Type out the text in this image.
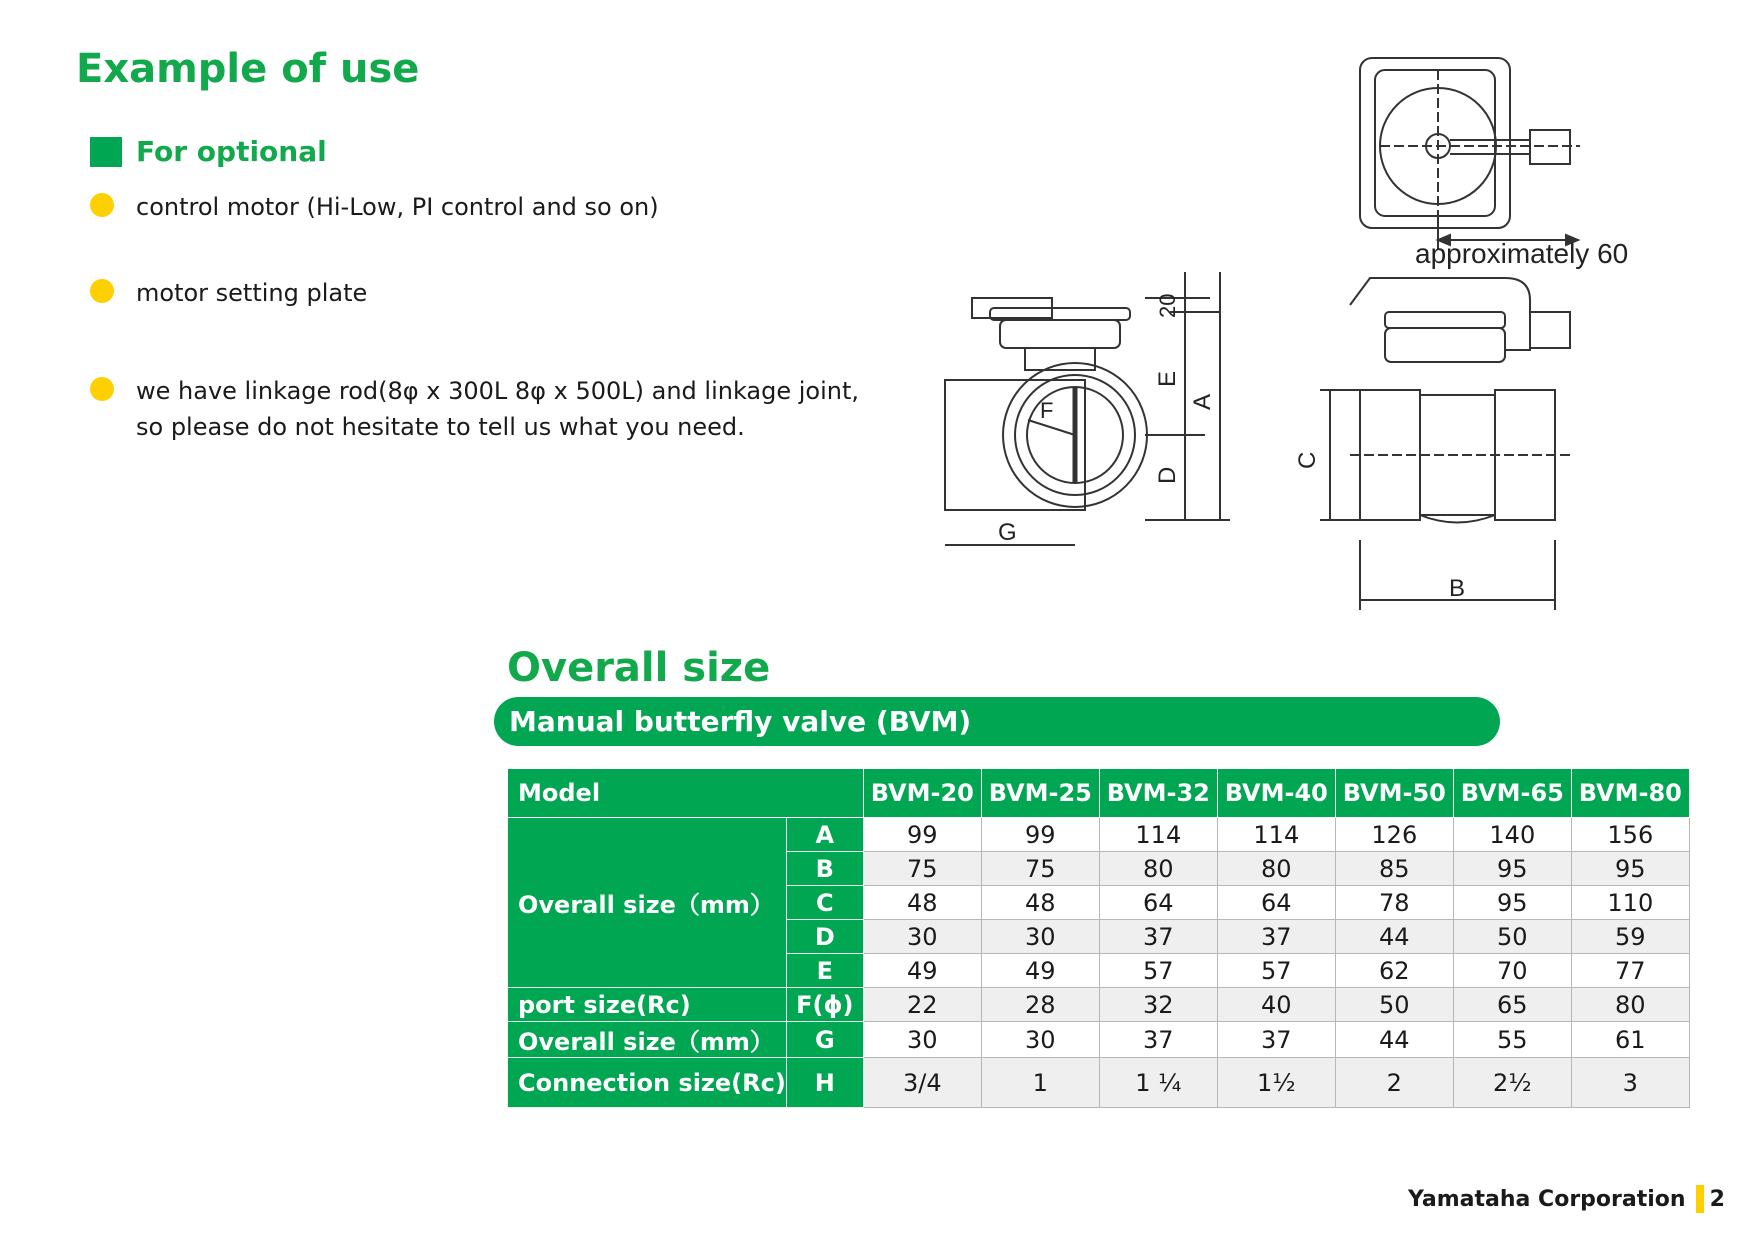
Example of use
For optional

control motor (Hi-Low, PI control and so on)

motor setting plate

we have linkage rod(8φ x 300L 8φ x 500L) and linkage joint,

so please do not hesitate to tell us what you need.

approximately 60
20
E
A
D
F
G
C
B
Overall size
Manual butterfly valve (BVM)
Model		BVM-20	BVM-25	BVM-32	BVM-40	BVM-50	BVM-65	BVM-80
Overall size（mm）	A	99	99	114	114	126	140	156
	B	75	75	80	80	85	95	95
	C	48	48	64	64	78	95	110
	D	30	30	37	37	44	50	59
	E	49	49	57	57	62	70	77
port size(Rc)	F(ϕ)	22	28	32	40	50	65	80
Overall size（mm）	G	30	30	37	37	44	55	61
Connection size(Rc)	H	3/4	1	1 ¼	1½	2	2½	3
Yamataha Corporation 2
